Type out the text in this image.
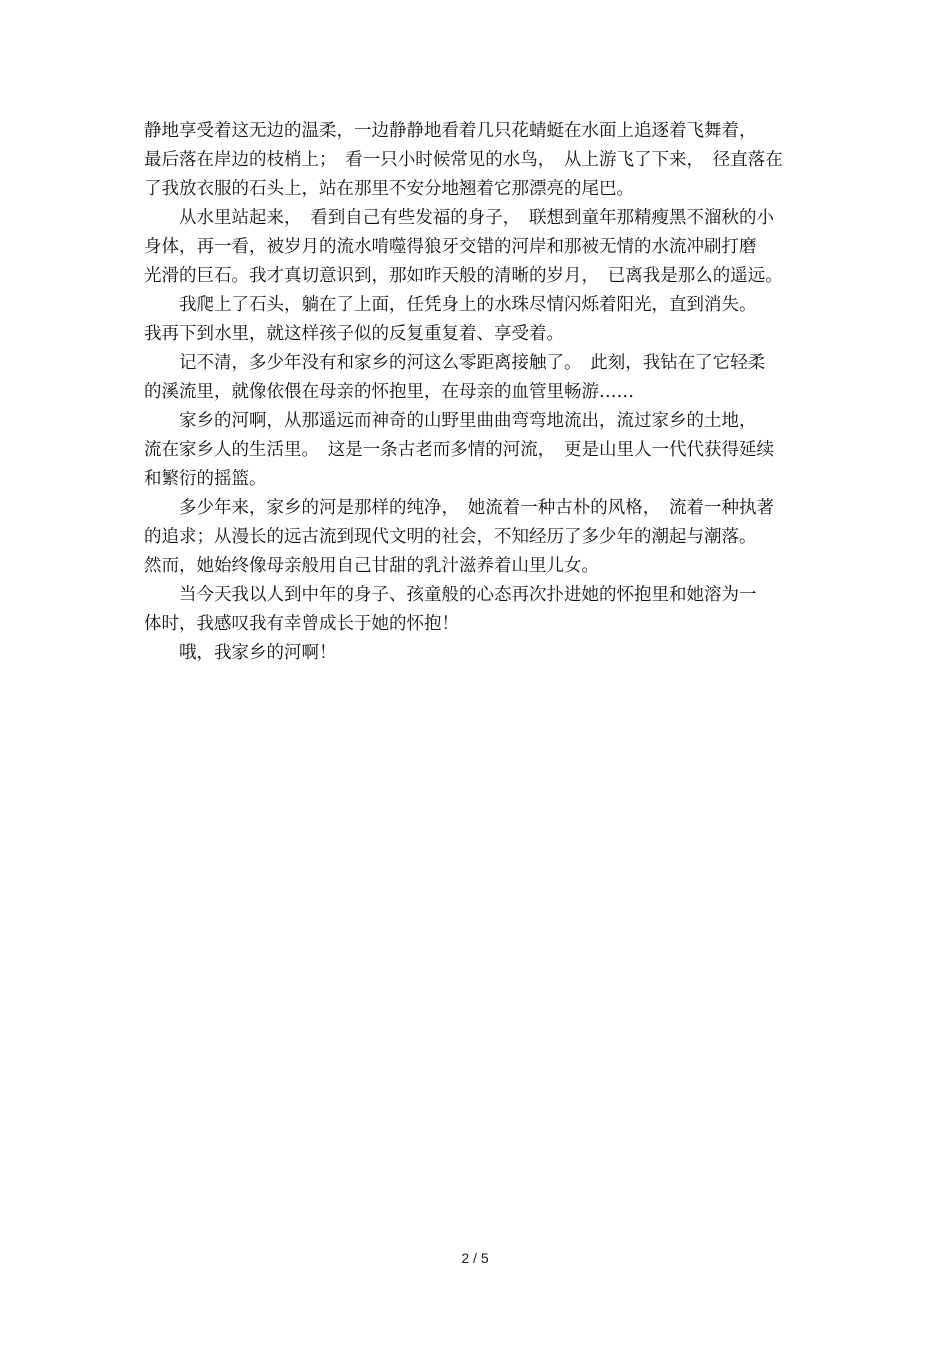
静地享受着这无边的温柔，一边静静地看着几只花蜻蜓在水面上追逐着飞舞着，
最后落在岸边的枝梢上；　看一只小时候常见的水鸟，　从上游飞了下来，　径直落在
了我放衣服的石头上，站在那里不安分地翘着它那漂亮的尾巴。
　　从水里站起来，　看到自己有些发福的身子，　联想到童年那精瘦黑不溜秋的小
身体，再一看，被岁月的流水啃噬得狼牙交错的河岸和那被无情的水流冲刷打磨
光滑的巨石。我才真切意识到，那如昨天般的清晰的岁月，　已离我是那么的遥远。
　　我爬上了石头，躺在了上面，任凭身上的水珠尽情闪烁着阳光，直到消失。
我再下到水里，就这样孩子似的反复重复着、享受着。
　　记不清，多少年没有和家乡的河这么零距离接触了。　此刻，我钻在了它轻柔
的溪流里，就像依偎在母亲的怀抱里，在母亲的血管里畅游……
　　家乡的河啊，从那遥远而神奇的山野里曲曲弯弯地流出，流过家乡的土地，
流在家乡人的生活里。　这是一条古老而多情的河流，　更是山里人一代代获得延续
和繁衍的摇篮。
　　多少年来，家乡的河是那样的纯净，　她流着一种古朴的风格，　流着一种执著
的追求；从漫长的远古流到现代文明的社会，不知经历了多少年的潮起与潮落。
然而，她始终像母亲般用自己甘甜的乳汁滋养着山里儿女。
　　当今天我以人到中年的身子、孩童般的心态再次扑进她的怀抱里和她溶为一
体时，我感叹我有幸曾成长于她的怀抱！
　　哦，我家乡的河啊！
2 / 5
